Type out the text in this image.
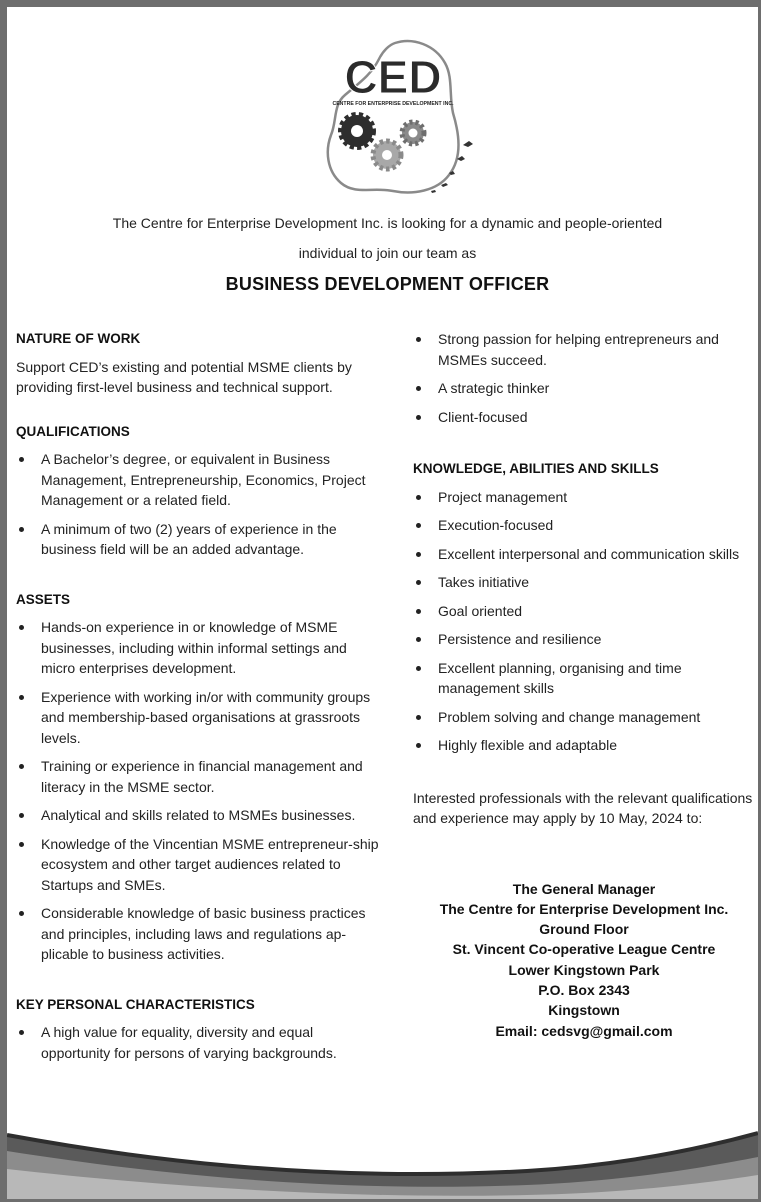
CED
CENTRE FOR ENTERPRISE DEVELOPMENT INC.
The Centre for Enterprise Development Inc. is looking for a dynamic and people-oriented
individual to join our team as
BUSINESS DEVELOPMENT OFFICER
NATURE OF WORK

Support CED’s existing and potential MSME clients by providing first-level business and technical support.

QUALIFICATIONS
A Bachelor’s degree, or equivalent in Business Management, Entrepreneurship, Economics, Project Management or a related field.
A minimum of two (2) years of experience in the business field will be an added advantage.
ASSETS
Hands-on experience in or knowledge of MSME businesses, including within informal settings and micro enterprises development.
Experience with working in/or with community groups and membership-based organisations at grassroots levels.
Training or experience in financial management and literacy in the MSME sector.
Analytical and skills related to MSMEs businesses.
Knowledge of the Vincentian MSME entrepreneur-ship ecosystem and other target audiences related to Startups and SMEs.
Considerable knowledge of basic business practices and principles, including laws and regulations ap-plicable to business activities.
KEY PERSONAL CHARACTERISTICS
A high value for equality, diversity and equal opportunity for persons of varying backgrounds.
Strong passion for helping entrepreneurs and MSMEs succeed.
A strategic thinker
Client-focused
KNOWLEDGE, ABILITIES AND SKILLS
Project management
Execution-focused
Excellent interpersonal and communication skills
Takes initiative
Goal oriented
Persistence and resilience
Excellent planning, organising and time management skills
Problem solving and change management
Highly flexible and adaptable

Interested professionals with the relevant qualifications and experience may apply by 10 May, 2024 to:

The General Manager
The Centre for Enterprise Development Inc.
Ground Floor
St. Vincent Co-operative League Centre
Lower Kingstown Park
P.O. Box 2343
Kingstown
Email: cedsvg@gmail.com
